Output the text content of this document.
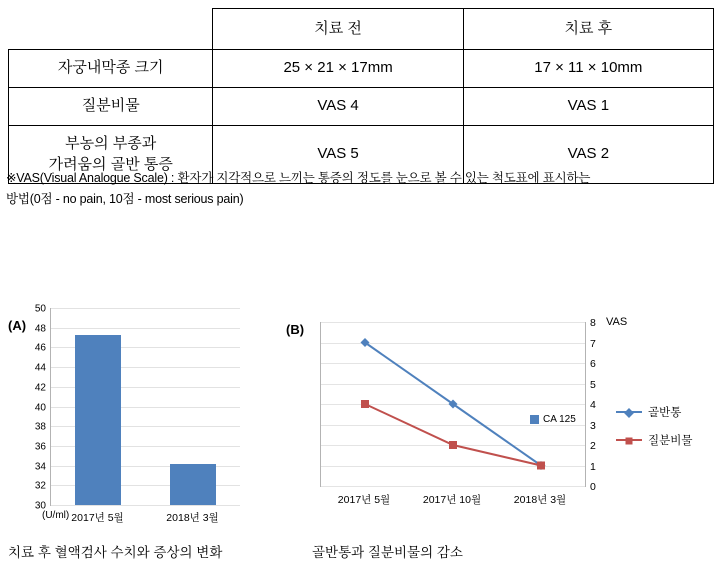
	치료 전	치료 후
자궁내막종 크기	25 × 21 × 17mm	17 × 11 × 10mm
질분비물	VAS 4	VAS 1

부농의 부종과
가려움의 골반 통증	VAS 5	VAS 2
※VAS(Visual Analogue Scale) : 환자가 지각적으로 느끼는 통증의 정도를 눈으로 볼 수 있는 척도표에 표시하는
방법(0점 - no pain, 10점 - most serious pain)
(A)
30
32
34
36
38
40
42
44
46
48
50
2017년 5월	2018년 3월
(U/ml)
치료 후 혈액검사 수치와 증상의 변화
(B)
0
1
2
3
4
5
6
7
8 VAS
2017년 5월	2017년 10월	2018년 3월
CA 125
골반통
질분비물
골반통과 질분비물의 감소
